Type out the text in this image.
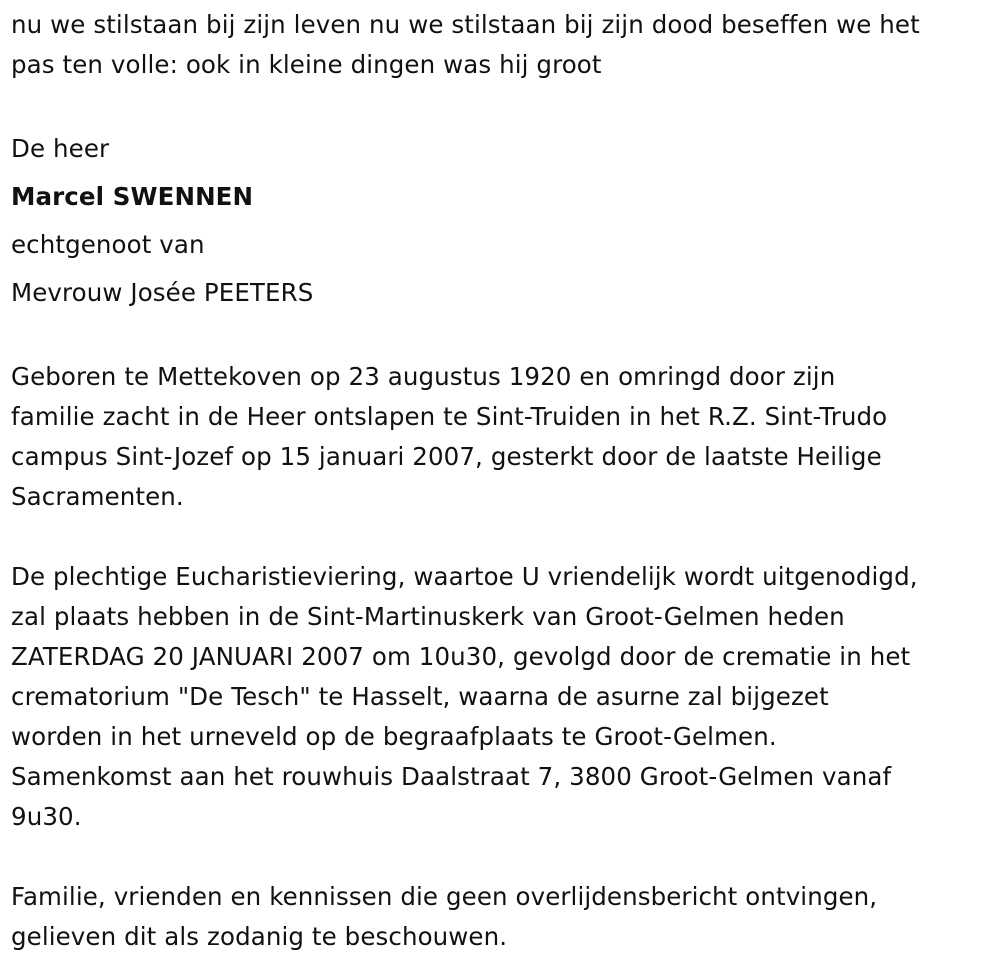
nu we stilstaan bij zijn leven nu we stilstaan bij zijn dood beseffen we het
pas ten volle: ook in kleine dingen was hij groot
De heer
Marcel SWENNEN
echtgenoot van
Mevrouw Josée PEETERS
Geboren te Mettekoven op 23 augustus 1920 en omringd door zijn
familie zacht in de Heer ontslapen te Sint-Truiden in het R.Z. Sint-Trudo
campus Sint-Jozef op 15 januari 2007, gesterkt door de laatste Heilige
Sacramenten.
De plechtige Eucharistieviering, waartoe U vriendelijk wordt uitgenodigd,
zal plaats hebben in de Sint-Martinuskerk van Groot-Gelmen heden
ZATERDAG 20 JANUARI 2007 om 10u30, gevolgd door de crematie in het
crematorium "De Tesch" te Hasselt, waarna de asurne zal bijgezet
worden in het urneveld op de begraafplaats te Groot-Gelmen.
Samenkomst aan het rouwhuis Daalstraat 7, 3800 Groot-Gelmen vanaf
9u30.
Familie, vrienden en kennissen die geen overlijdensbericht ontvingen,
gelieven dit als zodanig te beschouwen.
